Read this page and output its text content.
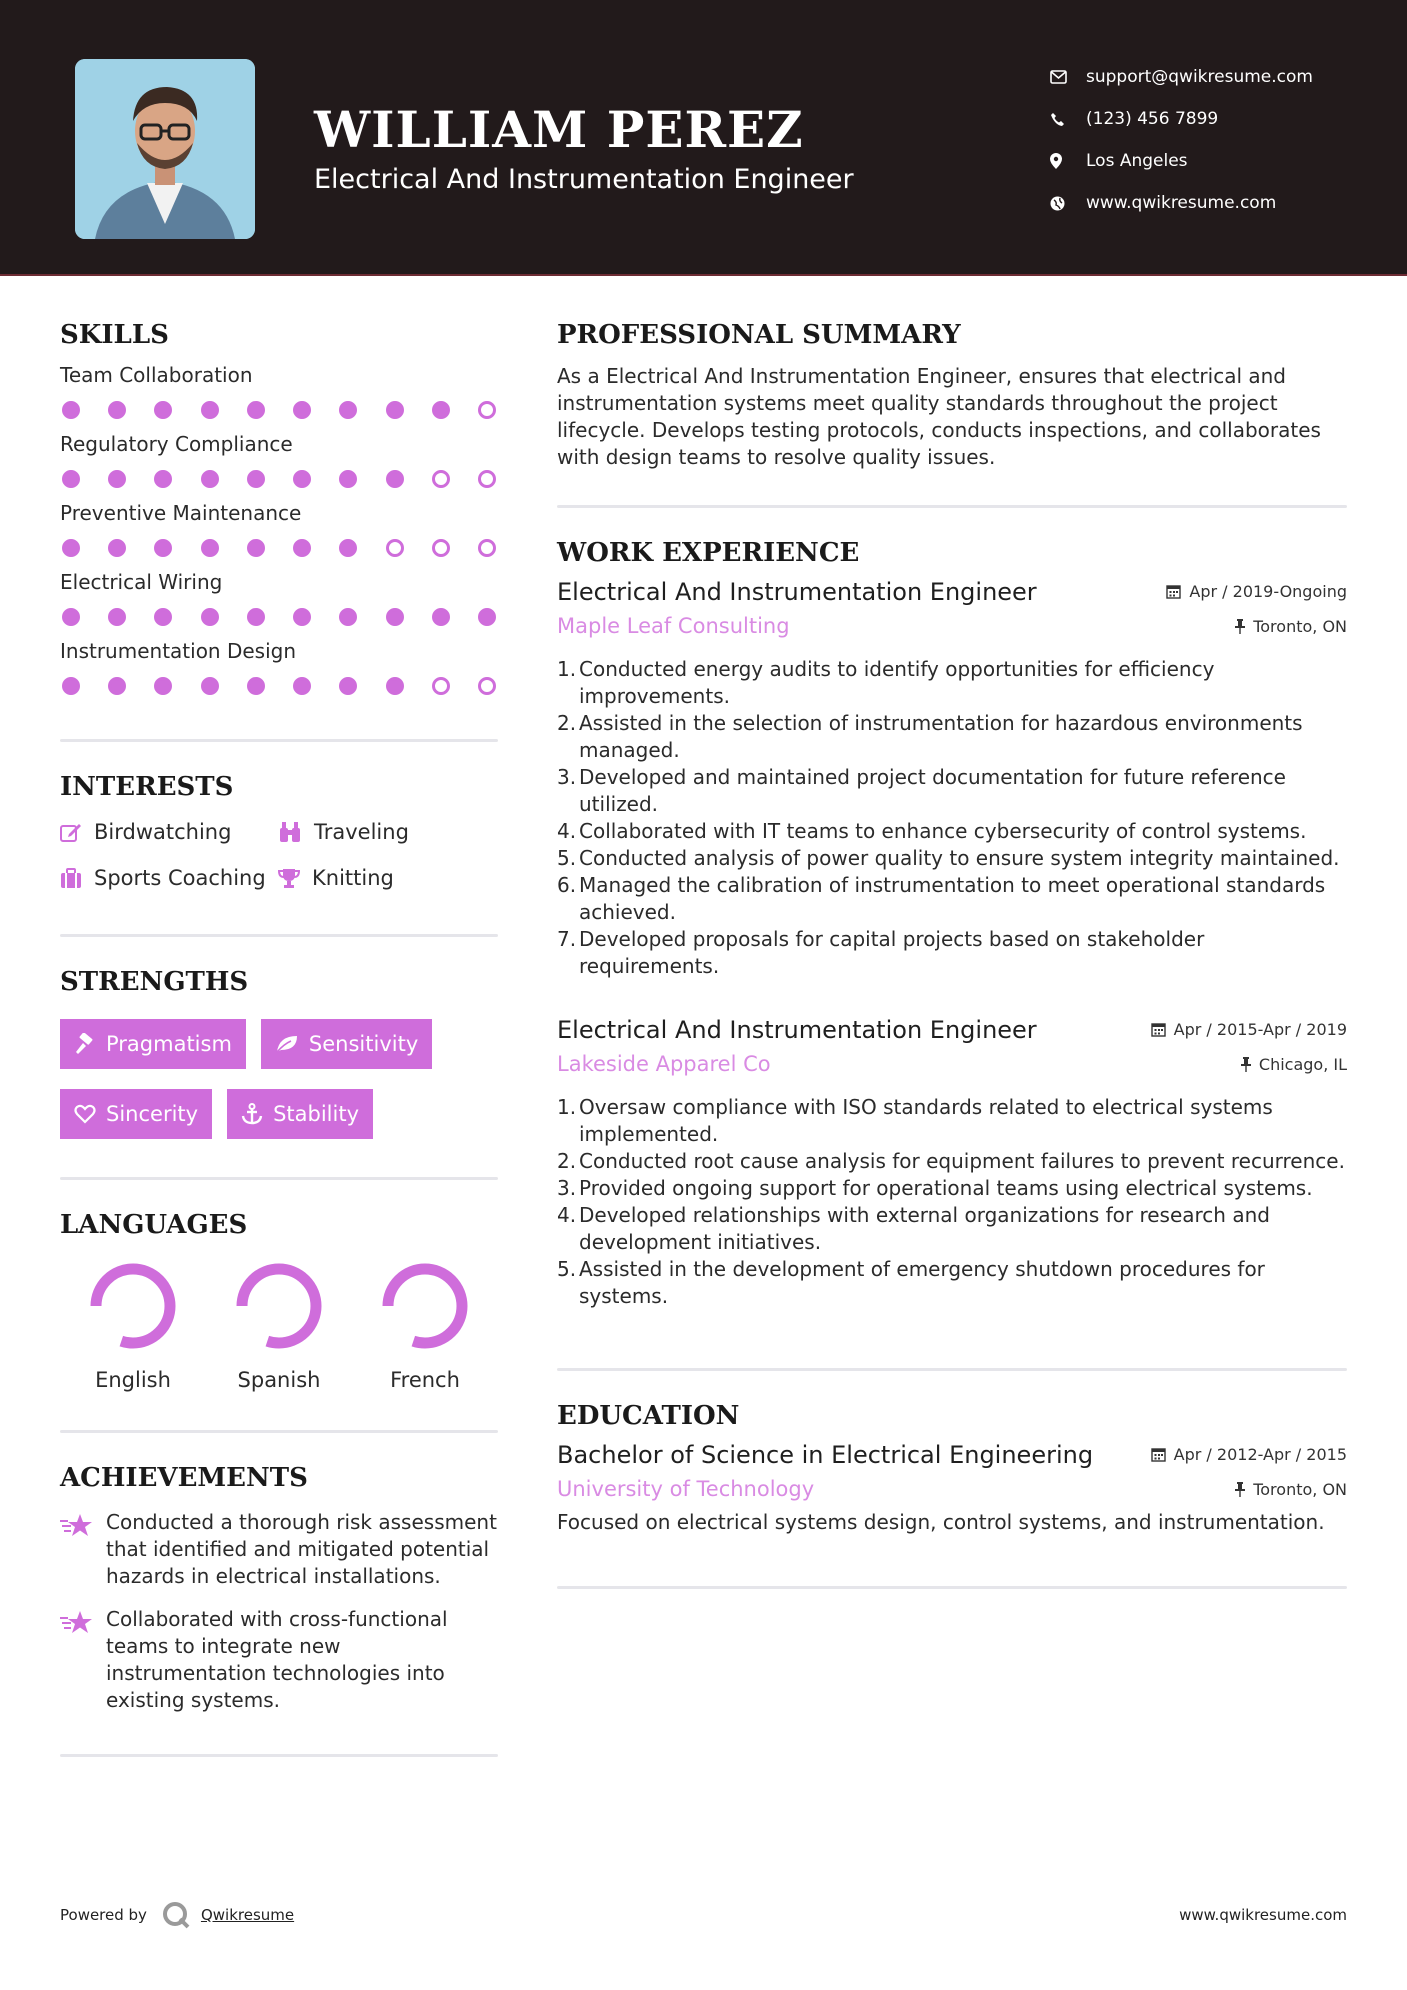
WILLIAM PEREZ
Electrical And Instrumentation Engineer
support@qwikresume.com
(123) 456 7899
Los Angeles
www.qwikresume.com
SKILLS
Team Collaboration
Regulatory Compliance
Preventive Maintenance
Electrical Wiring
Instrumentation Design
INTERESTS
Birdwatching	Traveling
Sports Coaching Knitting
STRENGTHS
Pragmatism	Sensitivity
Sincerity	Stability
LANGUAGES
English	Spanish	French
ACHIEVEMENTS
Conducted a thorough risk assessment that identified and mitigated potential hazards in electrical installations.
Collaborated with cross-functional teams to integrate new instrumentation technologies into existing systems.
PROFESSIONAL SUMMARY

As a Electrical And Instrumentation Engineer, ensures that electrical and instrumentation systems meet quality standards throughout the project lifecycle. Develops testing protocols, conducts inspections, and collaborates with design teams to resolve quality issues.

WORK EXPERIENCE
Electrical And Instrumentation Engineer
Maple Leaf Consulting
Apr / 2019-Ongoing
Toronto, ON
1. Conducted energy audits to identify opportunities for efficiency improvements.
2. Assisted in the selection of instrumentation for hazardous environments managed.
3. Developed and maintained project documentation for future reference utilized.
4. Collaborated with IT teams to enhance cybersecurity of control systems.
5. Conducted analysis of power quality to ensure system integrity maintained.
6. Managed the calibration of instrumentation to meet operational standards achieved.
7. Developed proposals for capital projects based on stakeholder requirements.
Electrical And Instrumentation Engineer
Lakeside Apparel Co
Apr / 2015-Apr / 2019
Chicago, IL
1. Oversaw compliance with ISO standards related to electrical systems implemented.
2. Conducted root cause analysis for equipment failures to prevent recurrence.
3. Provided ongoing support for operational teams using electrical systems.
4. Developed relationships with external organizations for research and development initiatives.
5. Assisted in the development of emergency shutdown procedures for systems.
EDUCATION
Bachelor of Science in Electrical Engineering
University of Technology
Apr / 2012-Apr / 2015
Toronto, ON

Focused on electrical systems design, control systems, and instrumentation.

Powered by	Qwikresume	www.qwikresume.com
